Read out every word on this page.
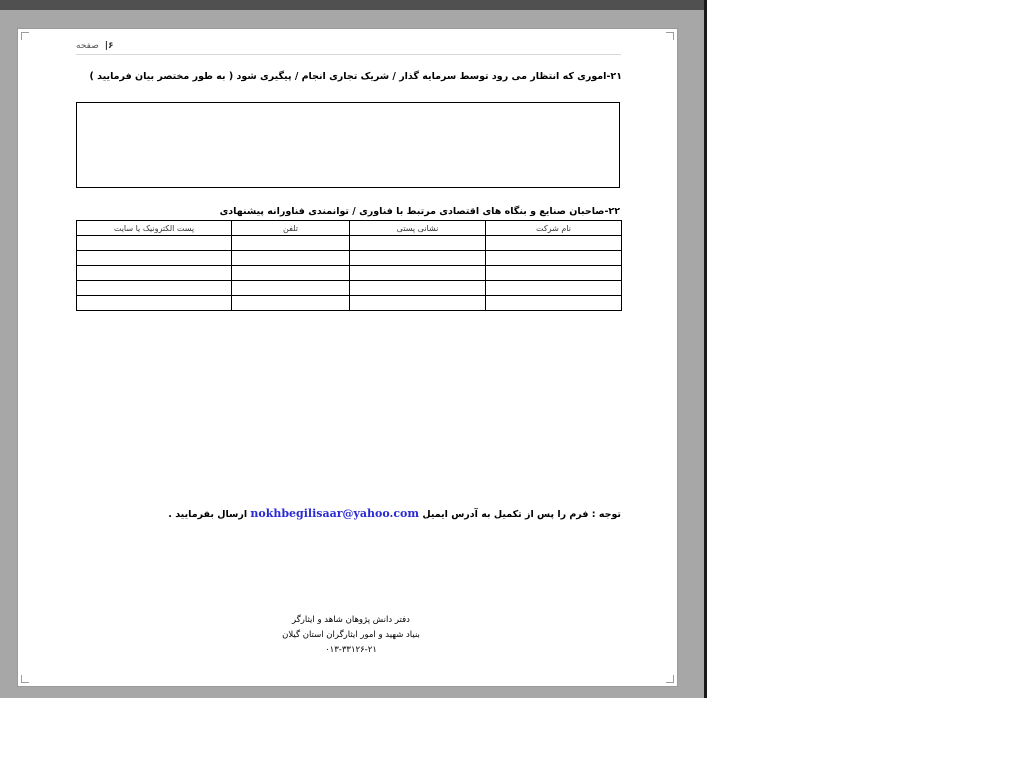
۶| صفحه
۲۱-اموری که انتظار می رود توسط سرمایه گذار / شریک تجاری انجام / پیگیری شود ( به طور مختصر بیان فرمایید )
۲۲-صاحبان صنایع و بنگاه های اقتصادی مرتبط با فناوری / توانمندی فناورانه پیشنهادی
نام شرکت	نشانی پستی	تلفن	پست الکترونیک یا سایت

توجه : فرم را پس از تکمیل به آدرس ایمیل nokhbegilisaar@yahoo.com ارسال بفرمایید .
دفتر دانش پژوهان شاهد و ایثارگر
بنیاد شهید و امور ایثارگران استان گیلان
۰۱۳-۳۳۱۲۶-۲۱
